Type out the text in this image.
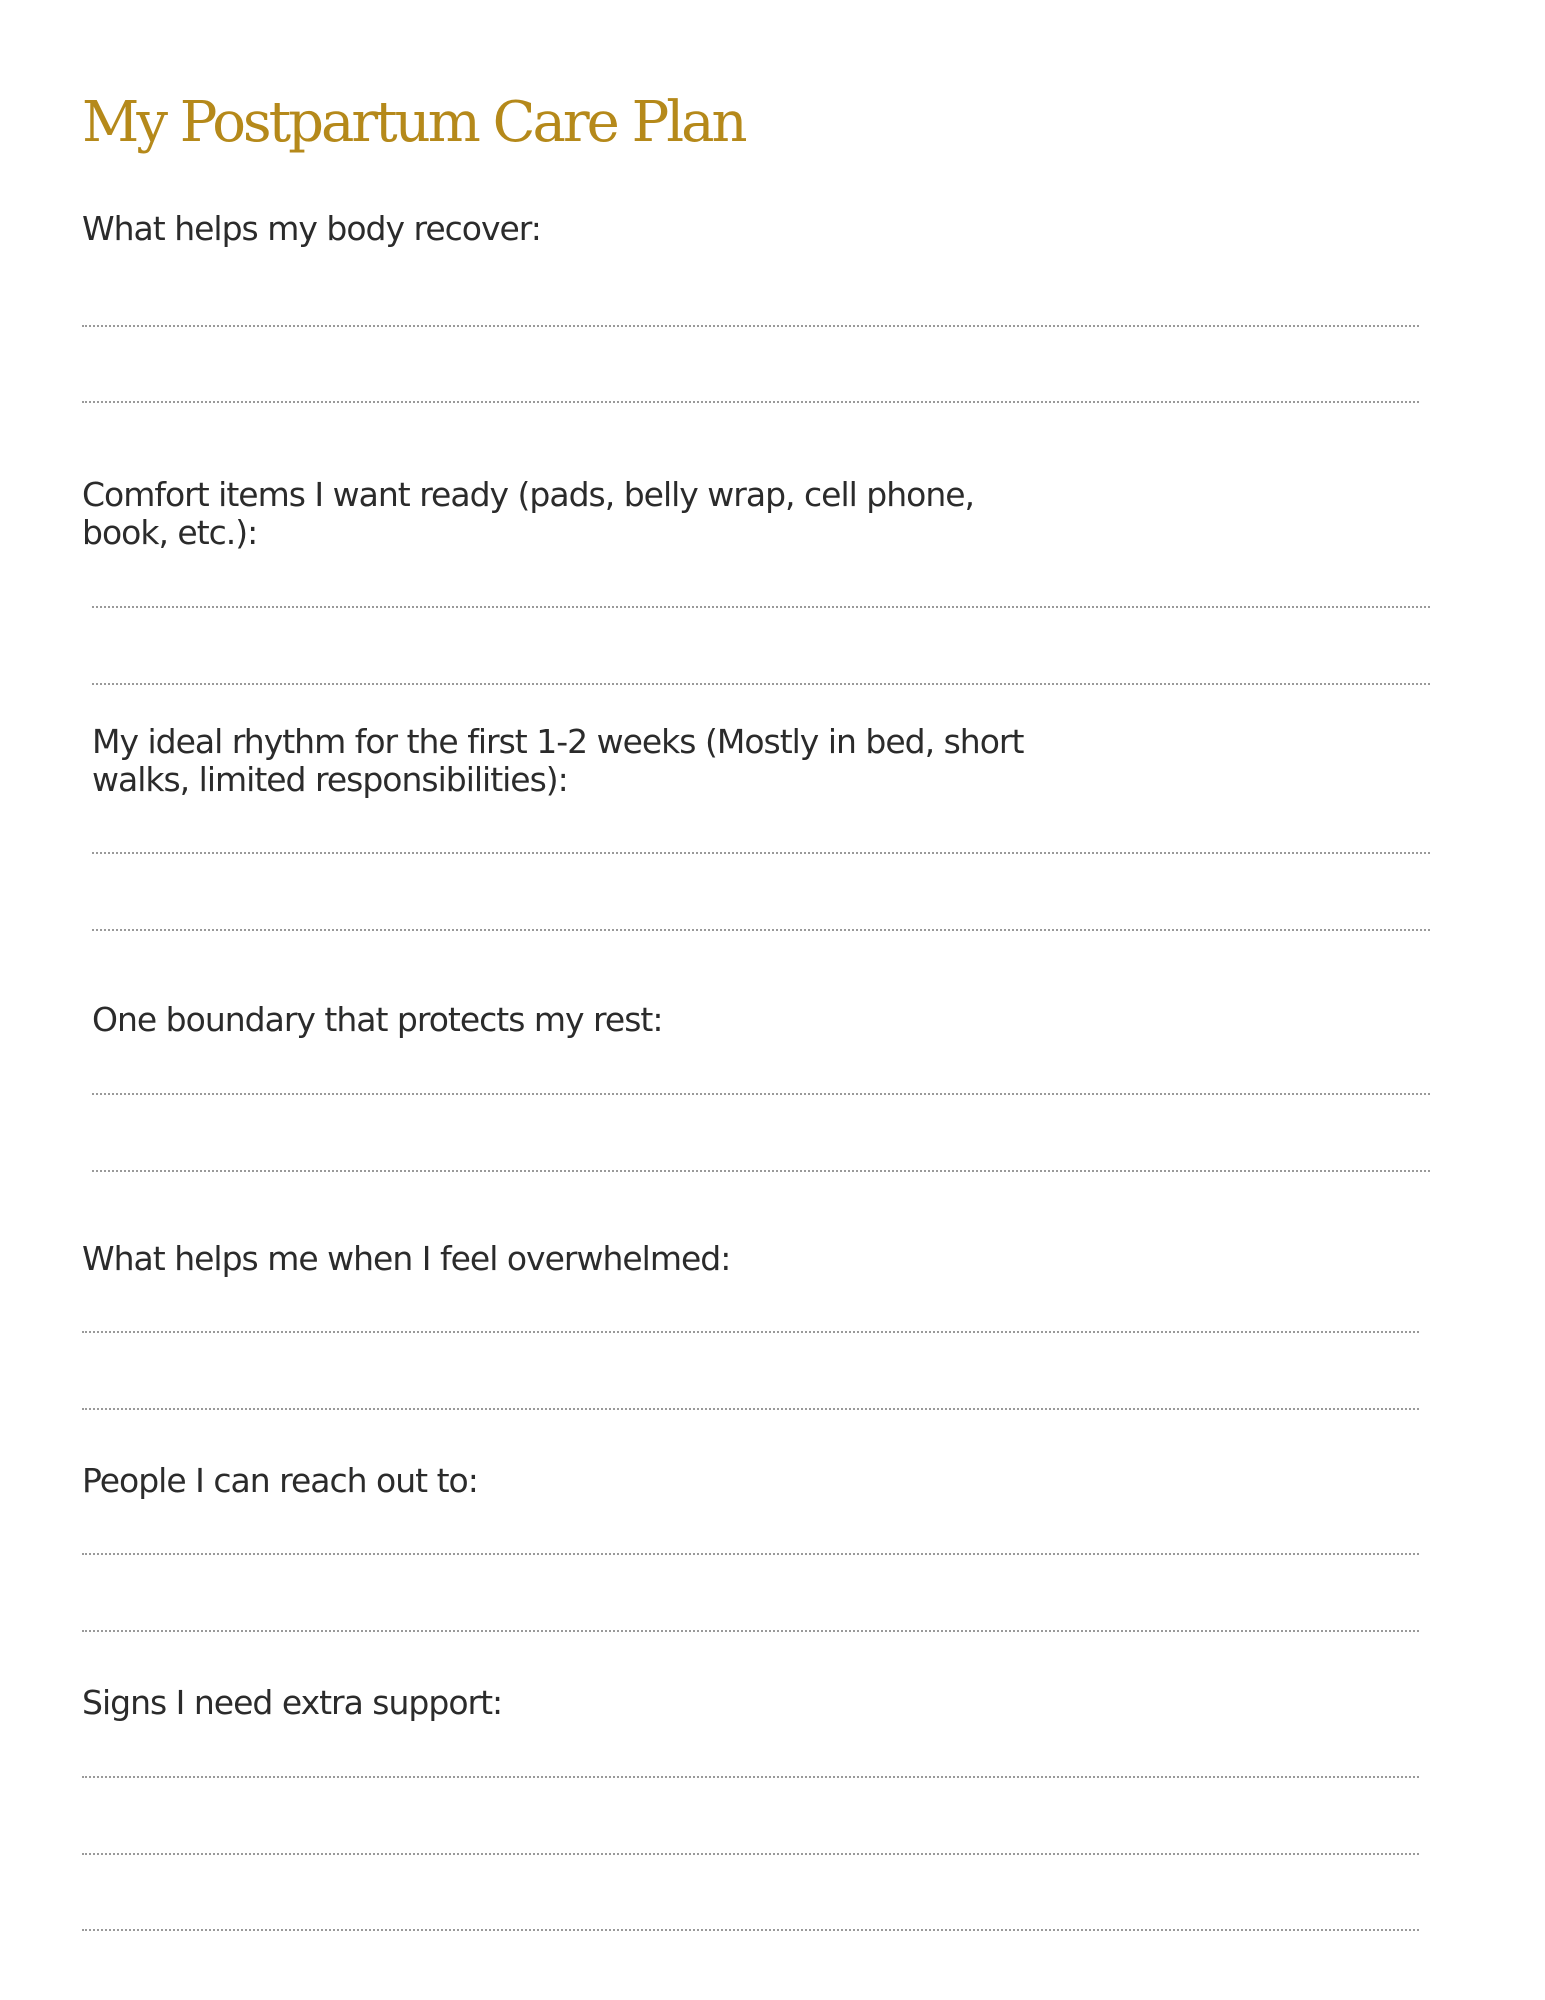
My Postpartum Care Plan

What helps my body recover:

Comfort items I want ready (pads, belly wrap, cell phone,
book, etc.):

My ideal rhythm for the first 1-2 weeks (Mostly in bed, short
walks, limited responsibilities):

One boundary that protects my rest:

What helps me when I feel overwhelmed:

People I can reach out to:

Signs I need extra support:
